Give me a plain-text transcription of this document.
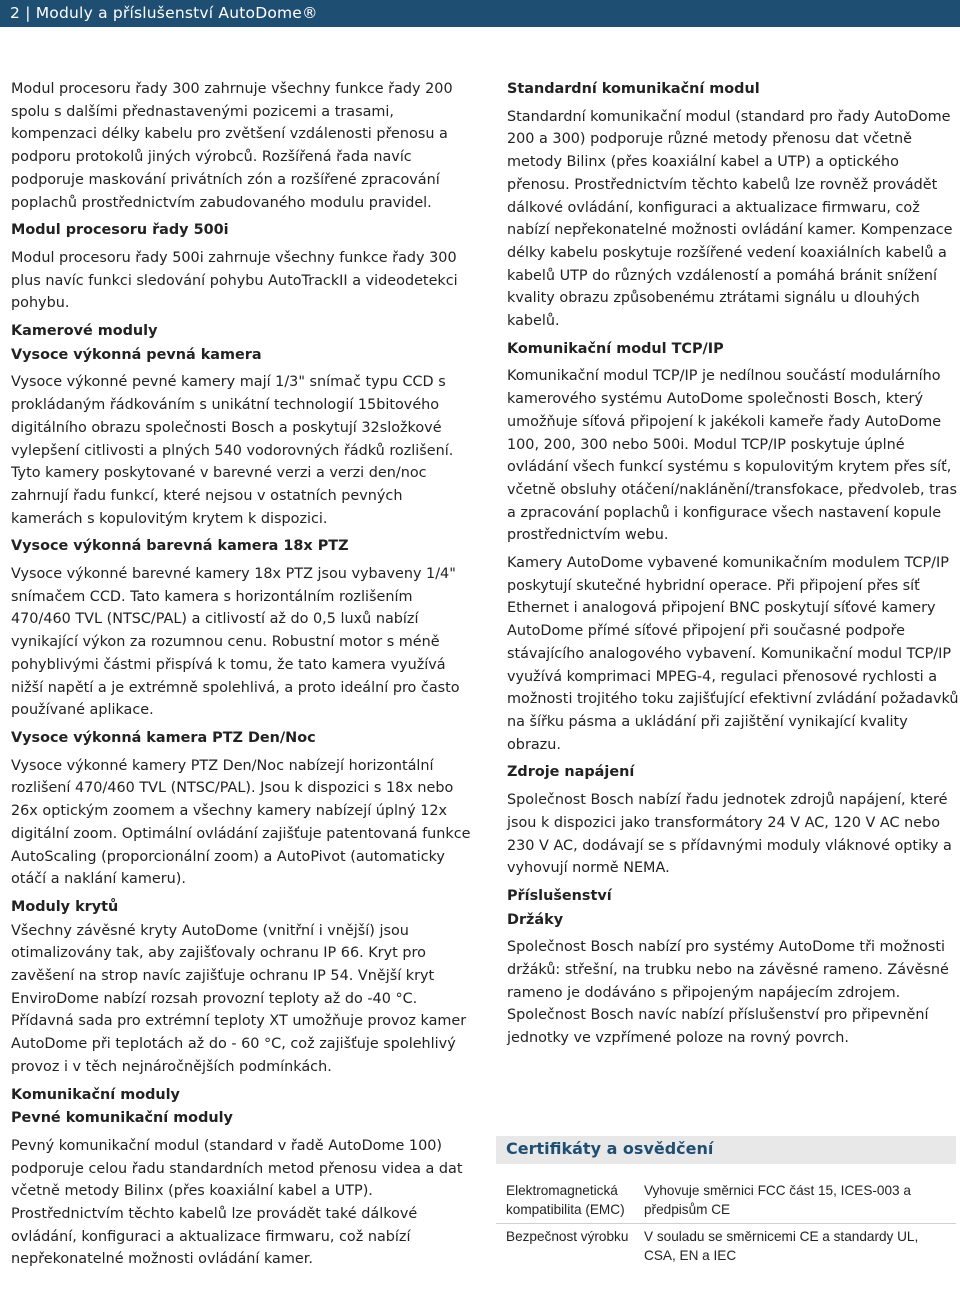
2 | Moduly a příslušenství AutoDome®

Modul procesoru řady 300 zahrnuje všechny funkce řady 200 spolu s dalšími přednastavenými pozicemi a trasami, kompenzaci délky kabelu pro zvětšení vzdálenosti přenosu a podporu protokolů jiných výrobců. Rozšířená řada navíc podporuje maskování privátních zón a rozšířené zpracování poplachů prostřednictvím zabudovaného modulu pravidel.

Modul procesoru řady 500i

Modul procesoru řady 500i zahrnuje všechny funkce řady 300 plus navíc funkci sledování pohybu AutoTrackII a videodetekci pohybu.

Kamerové moduly
Vysoce výkonná pevná kamera

Vysoce výkonné pevné kamery mají 1/3" snímač typu CCD s prokládaným řádkováním s unikátní technologií 15bitového digitálního obrazu společnosti Bosch a poskytují 32složkové vylepšení citlivosti a plných 540 vodorovných řádků rozlišení. Tyto kamery poskytované v barevné verzi a verzi den/noc zahrnují řadu funkcí, které nejsou v ostatních pevných kamerách s kopulovitým krytem k dispozici.

Vysoce výkonná barevná kamera 18x PTZ

Vysoce výkonné barevné kamery 18x PTZ jsou vybaveny 1/4" snímačem CCD. Tato kamera s horizontálním rozlišením 470/460 TVL (NTSC/PAL) a citlivostí až do 0,5 luxů nabízí vynikající výkon za rozumnou cenu. Robustní motor s méně pohyblivými částmi přispívá k tomu, že tato kamera využívá nižší napětí a je extrémně spolehlivá, a proto ideální pro často používané aplikace.

Vysoce výkonná kamera PTZ Den/Noc

Vysoce výkonné kamery PTZ Den/Noc nabízejí horizontální rozlišení 470/460 TVL (NTSC/PAL). Jsou k dispozici s 18x nebo 26x optickým zoomem a všechny kamery nabízejí úplný 12x digitální zoom. Optimální ovládání zajišťuje patentovaná funkce AutoScaling (proporcionální zoom) a AutoPivot (automaticky otáčí a naklání kameru).

Moduly krytů

Všechny závěsné kryty AutoDome (vnitřní i vnější) jsou otimalizovány tak, aby zajišťovaly ochranu IP 66. Kryt pro zavěšení na strop navíc zajišťuje ochranu IP 54. Vnější kryt EnviroDome nabízí rozsah provozní teploty až do -40 °C. Přídavná sada pro extrémní teploty XT umožňuje provoz kamer AutoDome při teplotách až do - 60 °C, což zajišťuje spolehlivý provoz i v těch nejnáročnějších podmínkách.

Komunikační moduly
Pevné komunikační moduly

Pevný komunikační modul (standard v řadě AutoDome 100) podporuje celou řadu standardních metod přenosu videa a dat včetně metody Bilinx (přes koaxiální kabel a UTP). Prostřednictvím těchto kabelů lze provádět také dálkové ovládání, konfiguraci a aktualizace firmwaru, což nabízí nepřekonatelné možnosti ovládání kamer.

Standardní komunikační modul

Standardní komunikační modul (standard pro řady AutoDome 200 a 300) podporuje různé metody přenosu dat včetně metody Bilinx (přes koaxiální kabel a UTP) a optického přenosu. Prostřednictvím těchto kabelů lze rovněž provádět dálkové ovládání, konfiguraci a aktualizace firmwaru, což nabízí nepřekonatelné možnosti ovládání kamer. Kompenzace délky kabelu poskytuje rozšířené vedení koaxiálních kabelů a kabelů UTP do různých vzdáleností a pomáhá bránit snížení kvality obrazu způsobenému ztrátami signálu u dlouhých kabelů.

Komunikační modul TCP/IP

Komunikační modul TCP/IP je nedílnou součástí modulárního kamerového systému AutoDome společnosti Bosch, který umožňuje síťová připojení k jakékoli kameře řady AutoDome 100, 200, 300 nebo 500i. Modul TCP/IP poskytuje úplné ovládání všech funkcí systému s kopulovitým krytem přes síť, včetně obsluhy otáčení/naklánění/transfokace, předvoleb, tras a zpracování poplachů i konfigurace všech nastavení kopule prostřednictvím webu.

Kamery AutoDome vybavené komunikačním modulem TCP/IP poskytují skutečné hybridní operace. Při připojení přes síť Ethernet i analogová připojení BNC poskytují síťové kamery AutoDome přímé síťové připojení při současné podpoře stávajícího analogového vybavení. Komunikační modul TCP/IP využívá komprimaci MPEG-4, regulaci přenosové rychlosti a možnosti trojitého toku zajišťující efektivní zvládání požadavků na šířku pásma a ukládání při zajištění vynikající kvality obrazu.

Zdroje napájení

Společnost Bosch nabízí řadu jednotek zdrojů napájení, které jsou k dispozici jako transformátory 24 V AC, 120 V AC nebo 230 V AC, dodávají se s přídavnými moduly vláknové optiky a vyhovují normě NEMA.

Příslušenství
Držáky

Společnost Bosch nabízí pro systémy AutoDome tři možnosti držáků: střešní, na trubku nebo na závěsné rameno. Závěsné rameno je dodáváno s připojeným napájecím zdrojem. Společnost Bosch navíc nabízí příslušenství pro připevnění jednotky ve vzpřímené poloze na rovný povrch.

Certifikáty a osvědčení
Elektromagnetická kompatibilita (EMC)
Vyhovuje směrnici FCC část 15, ICES-003 a předpisům CE
Bezpečnost výrobku	V souladu se směrnicemi CE a standardy UL, CSA, EN a IEC
